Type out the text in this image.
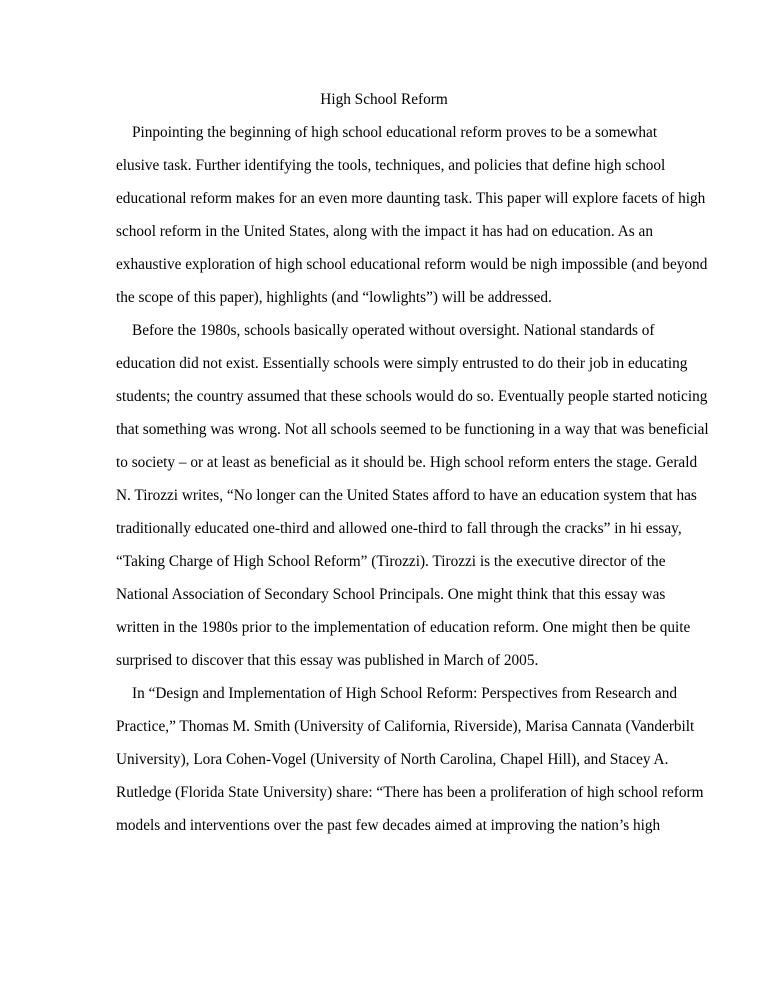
High School Reform
Pinpointing the beginning of high school educational reform proves to be a somewhat
elusive task. Further identifying the tools, techniques, and policies that define high school
educational reform makes for an even more daunting task. This paper will explore facets of high
school reform in the United States, along with the impact it has had on education. As an
exhaustive exploration of high school educational reform would be nigh impossible (and beyond
the scope of this paper), highlights (and “lowlights”) will be addressed.
Before the 1980s, schools basically operated without oversight. National standards of
education did not exist. Essentially schools were simply entrusted to do their job in educating
students; the country assumed that these schools would do so. Eventually people started noticing
that something was wrong. Not all schools seemed to be functioning in a way that was beneficial
to society – or at least as beneficial as it should be. High school reform enters the stage. Gerald
N. Tirozzi writes, “No longer can the United States afford to have an education system that has
traditionally educated one-third and allowed one-third to fall through the cracks” in hi essay,
“Taking Charge of High School Reform” (Tirozzi). Tirozzi is the executive director of the
National Association of Secondary School Principals. One might think that this essay was
written in the 1980s prior to the implementation of education reform. One might then be quite
surprised to discover that this essay was published in March of 2005.
In “Design and Implementation of High School Reform: Perspectives from Research and
Practice,” Thomas M. Smith (University of California, Riverside), Marisa Cannata (Vanderbilt
University), Lora Cohen-Vogel (University of North Carolina, Chapel Hill), and Stacey A.
Rutledge (Florida State University) share: “There has been a proliferation of high school reform
models and interventions over the past few decades aimed at improving the nation’s high
